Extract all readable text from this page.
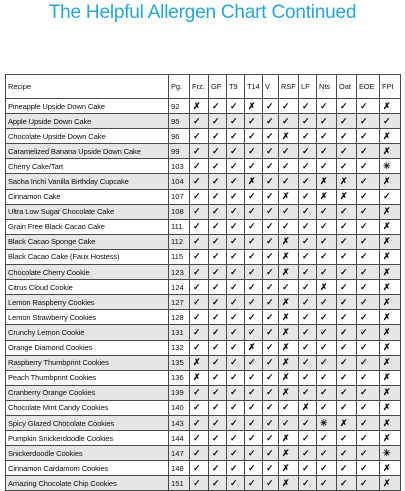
The Helpful Allergen Chart Continued
Recipe	Pg.	Frz.	GF	T9	T14	V	RSF	LF	Nts	Oat	EOE	FPI
Pineapple Upside Down Cake	92	✗	✓	✓	✗	✓	✓	✓	✓	✓	✓	✗
Apple Upside Down Cake	95	✓	✓	✓	✓	✓	✓	✓	✓	✓	✓	✓
Chocolate Upside Down Cake	96	✓	✓	✓	✓	✓	✗	✓	✓	✓	✓	✗
Caramelized Banana Upside Down Cake	99	✓	✓	✓	✓	✓	✓	✓	✓	✓	✓	✗
Cherry Cake/Tart	103	✓	✓	✓	✓	✓	✓	✓	✓	✓	✓	✳
Sacha Inchi Vanilla Birthday Cupcake	104	✓	✓	✓	✗	✓	✓	✓	✗	✗	✓	✗
Cinnamon Cake	107	✓	✓	✓	✓	✓	✗	✓	✗	✗	✓	✓
Ultra Low Sugar Chocolate Cake	108	✓	✓	✓	✓	✓	✓	✓	✓	✓	✓	✗
Grain Free Black Cacao Cake	111	✓	✓	✓	✓	✓	✓	✓	✓	✓	✓	✗
Black Cacao Sponge Cake	112	✓	✓	✓	✓	✓	✗	✓	✓	✓	✓	✗
Black Cacao Cake (Faux Hostess)	115	✓	✓	✓	✓	✓	✗	✓	✓	✓	✓	✗
Chocolate Cherry Cookie	123	✓	✓	✓	✓	✓	✗	✓	✓	✓	✓	✗
Citrus Cloud Cookie	124	✓	✓	✓	✓	✓	✓	✓	✗	✓	✓	✗
Lemon Raspberry Cookies	127	✓	✓	✓	✓	✓	✗	✓	✓	✓	✓	✗
Lemon Strawberry Cookies	128	✓	✓	✓	✓	✓	✗	✓	✓	✓	✓	✗
Crunchy Lemon Cookie	131	✓	✓	✓	✓	✓	✗	✓	✓	✓	✓	✗
Orange Diamond Cookies	132	✓	✓	✓	✗	✓	✗	✓	✓	✓	✓	✗
Raspberry Thumbprint Cookies	135	✗	✓	✓	✓	✓	✗	✓	✓	✓	✓	✗
Peach Thumbprint Cookies	136	✗	✓	✓	✓	✓	✗	✓	✓	✓	✓	✗
Cranberry Orange Cookies	139	✓	✓	✓	✓	✓	✗	✓	✓	✓	✓	✗
Chocolate Mint Candy Cookies	140	✓	✓	✓	✓	✓	✓	✗	✓	✓	✓	✗
Spicy Glazed Chocolate Cookies	143	✓	✓	✓	✓	✓	✓	✓	✳	✗	✓	✗
Pumpkin Snickerdoodle Cookies	144	✓	✓	✓	✓	✓	✗	✓	✓	✓	✓	✗
Snickerdoodle Cookies	147	✓	✓	✓	✓	✓	✗	✓	✓	✓	✓	✳
Cinnamon Cardamom Cookies	148	✓	✓	✓	✓	✓	✗	✓	✓	✓	✓	✗
Amazing Chocolate Chip Cookies	151	✓	✓	✓	✓	✓	✗	✓	✓	✓	✓	✗
